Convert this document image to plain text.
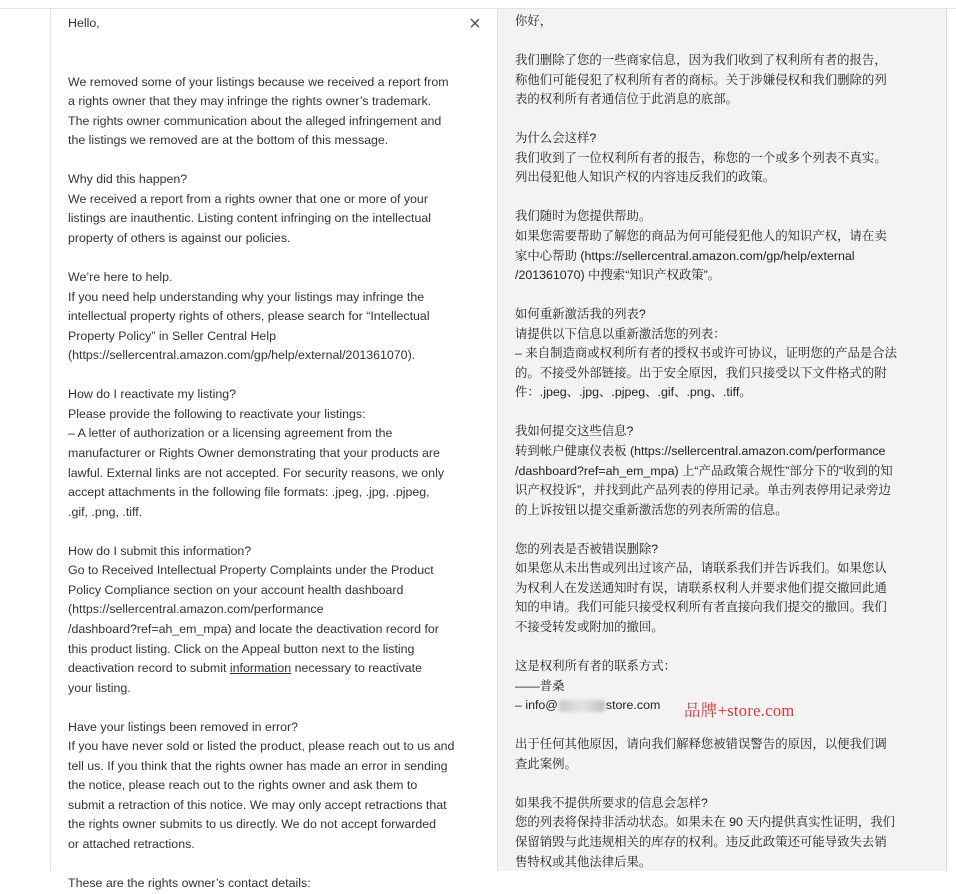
×

Hello,

We removed some of your listings because we received a report from

a rights owner that they may infringe the rights owner’s trademark.

The rights owner communication about the alleged infringement and

the listings we removed are at the bottom of this message.

Why did this happen?

We received a report from a rights owner that one or more of your

listings are inauthentic. Listing content infringing on the intellectual

property of others is against our policies.

We’re here to help.

If you need help understanding why your listings may infringe the

intellectual property rights of others, please search for “Intellectual

Property Policy” in Seller Central Help

(https://sellercentral.amazon.com/gp/help/external/201361070).

How do I reactivate my listing?

Please provide the following to reactivate your listings:

– A letter of authorization or a licensing agreement from the

manufacturer or Rights Owner demonstrating that your products are

lawful. External links are not accepted. For security reasons, we only

accept attachments in the following file formats: .jpeg, .jpg, .pjpeg,

.gif, .png, .tiff.

How do I submit this information?

Go to Received Intellectual Property Complaints under the Product

Policy Compliance section on your account health dashboard

(https://sellercentral.amazon.com/performance

/dashboard?ref=ah_em_mpa) and locate the deactivation record for

this product listing. Click on the Appeal button next to the listing

deactivation record to submit information necessary to reactivate

your listing.

Have your listings been removed in error?

If you have never sold or listed the product, please reach out to us and

tell us. If you think that the rights owner has made an error in sending

the notice, please reach out to the rights owner and ask them to

submit a retraction of this notice. We may only accept retractions that

the rights owner submits to us directly. We do not accept forwarded

or attached retractions.

These are the rights owner’s contact details:

你好，

我们删除了您的一些商家信息，因为我们收到了权利所有者的报告，

称他们可能侵犯了权利所有者的商标。关于涉嫌侵权和我们删除的列

表的权利所有者通信位于此消息的底部。

为什么会这样?

我们收到了一位权利所有者的报告，称您的一个或多个列表不真实。

列出侵犯他人知识产权的内容违反我们的政策。

我们随时为您提供帮助。

如果您需要帮助了解您的商品为何可能侵犯他人的知识产权，请在卖

家中心帮助 (https://sellercentral.amazon.com/gp/help/external

/201361070) 中搜索“知识产权政策”。

如何重新激活我的列表?

请提供以下信息以重新激活您的列表：

– 来自制造商或权利所有者的授权书或许可协议，证明您的产品是合法

的。不接受外部链接。出于安全原因，我们只接受以下文件格式的附

件：.jpeg、.jpg、.pjpeg、.gif、.png、.tiff。

我如何提交这些信息?

转到帐户健康仪表板 (https://sellercentral.amazon.com/performance

/dashboard?ref=ah_em_mpa) 上“产品政策合规性”部分下的“收到的知

识产权投诉”，并找到此产品列表的停用记录。单击列表停用记录旁边

的上诉按钮以提交重新激活您的列表所需的信息。

您的列表是否被错误删除?

如果您从未出售或列出过该产品，请联系我们并告诉我们。如果您认

为权利人在发送通知时有误，请联系权利人并要求他们提交撤回此通

知的申请。我们可能只接受权利所有者直接向我们提交的撤回。我们

不接受转发或附加的撤回。

这是权利所有者的联系方式：

——普桑

– info@	store.com

出于任何其他原因，请向我们解释您被错误警告的原因，以便我们调

查此案例。

如果我不提供所要求的信息会怎样?

您的列表将保持非活动状态。如果未在 90 天内提供真实性证明，我们

保留销毁与此违规相关的库存的权利。违反此政策还可能导致失去销

售特权或其他法律后果。

品牌+store.com
